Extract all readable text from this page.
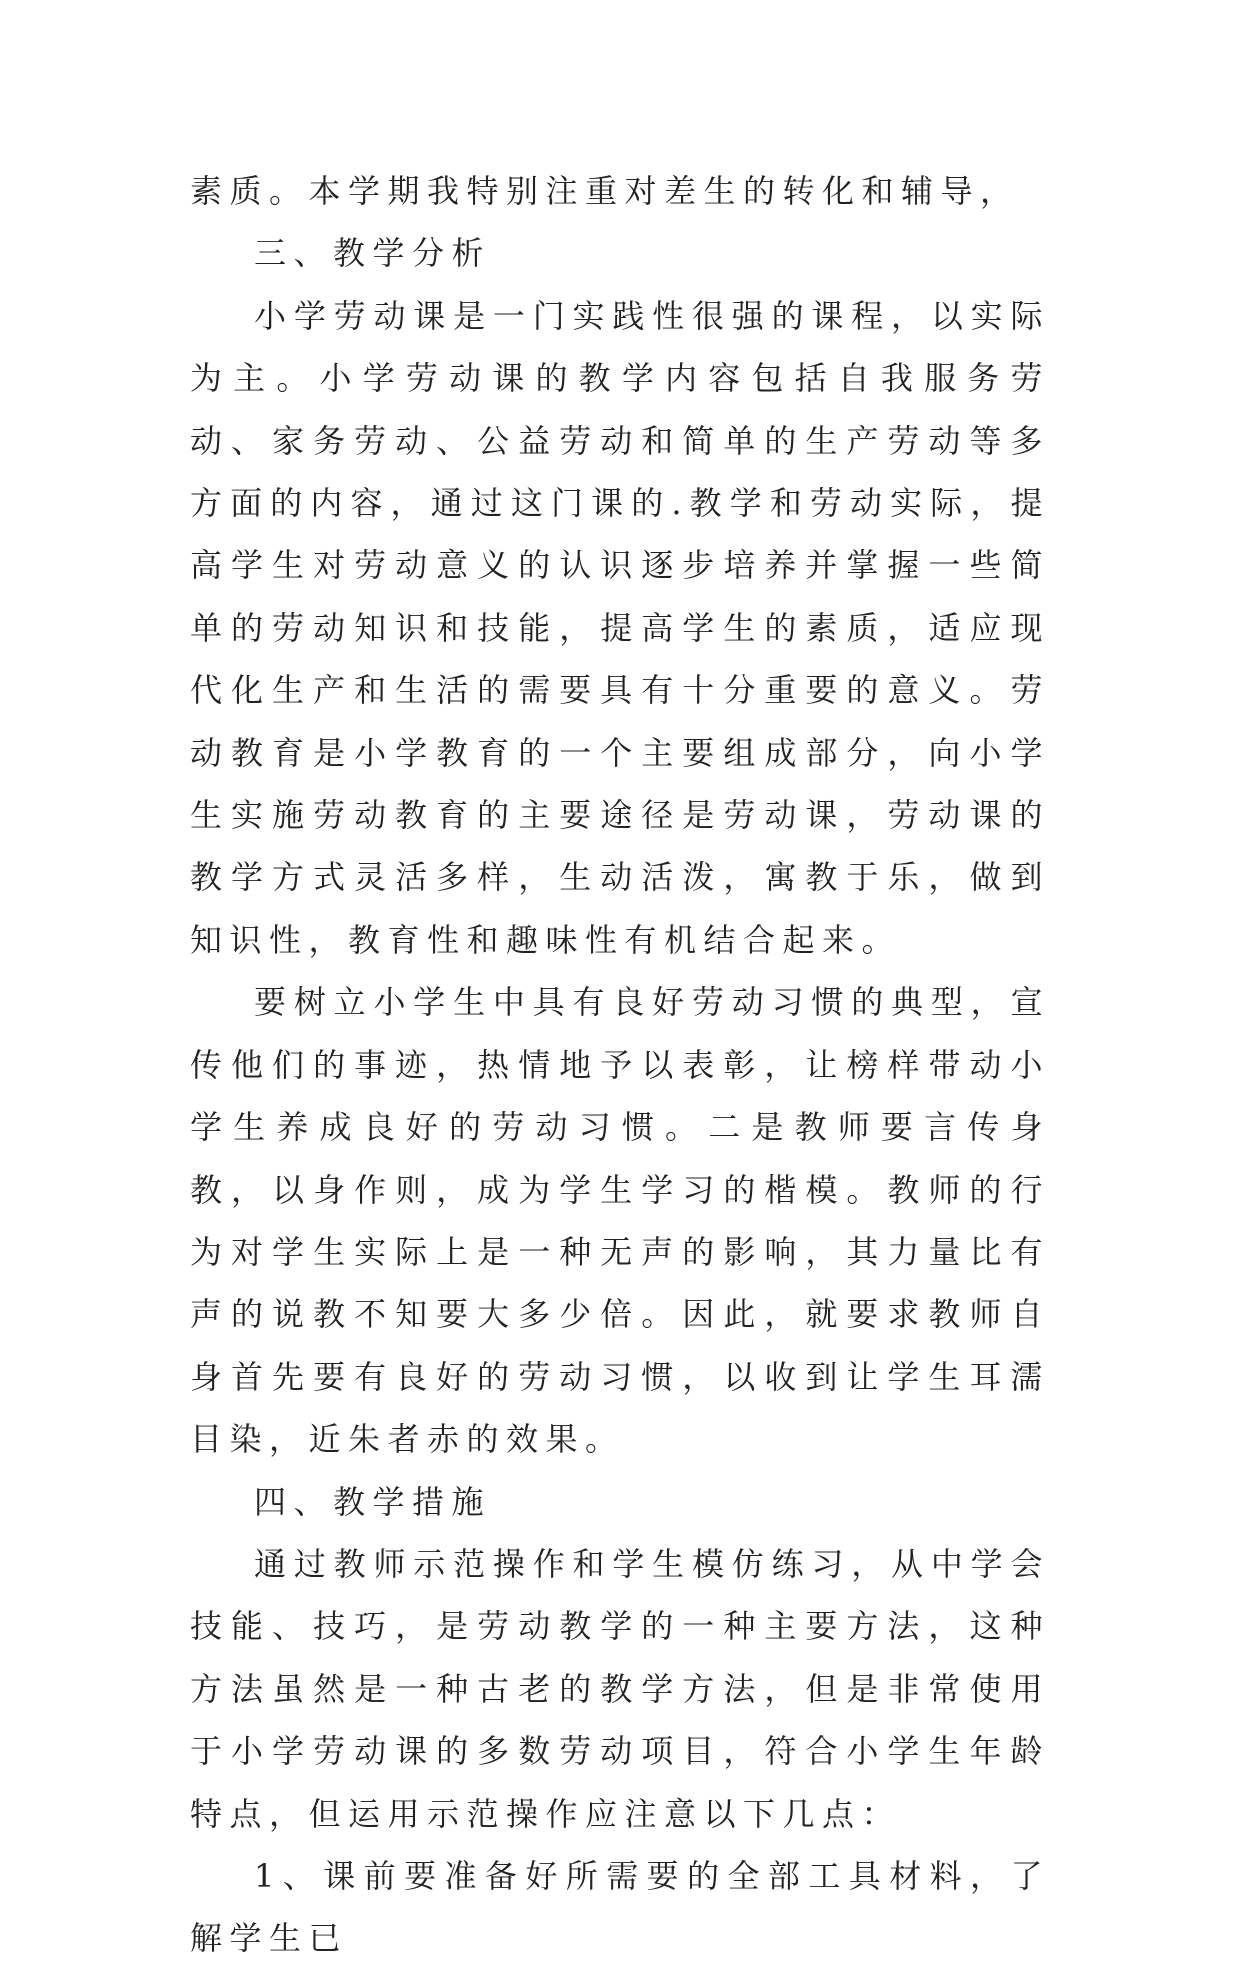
素质。本学期我特别注重对差生的转化和辅导，

三、教学分析

小学劳动课是一门实践性很强的课程，以实际为主。小学劳动课的教学内容包括自我服务劳动、家务劳动、公益劳动和简单的生产劳动等多方面的内容，通过这门课的.教学和劳动实际，提高学生对劳动意义的认识逐步培养并掌握一些简单的劳动知识和技能，提高学生的素质，适应现代化生产和生活的需要具有十分重要的意义。劳动教育是小学教育的一个主要组成部分，向小学生实施劳动教育的主要途径是劳动课，劳动课的教学方式灵活多样，生动活泼，寓教于乐，做到知识性，教育性和趣味性有机结合起来。

要树立小学生中具有良好劳动习惯的典型，宣传他们的事迹，热情地予以表彰，让榜样带动小学生养成良好的劳动习惯。二是教师要言传身教，以身作则，成为学生学习的楷模。教师的行为对学生实际上是一种无声的影响，其力量比有声的说教不知要大多少倍。因此，就要求教师自身首先要有良好的劳动习惯，以收到让学生耳濡目染，近朱者赤的效果。

四、教学措施

通过教师示范操作和学生模仿练习，从中学会技能、技巧，是劳动教学的一种主要方法，这种方法虽然是一种古老的教学方法，但是非常使用于小学劳动课的多数劳动项目，符合小学生年龄特点，但运用示范操作应注意以下几点：

1、课前要准备好所需要的全部工具材料，了解学生已
